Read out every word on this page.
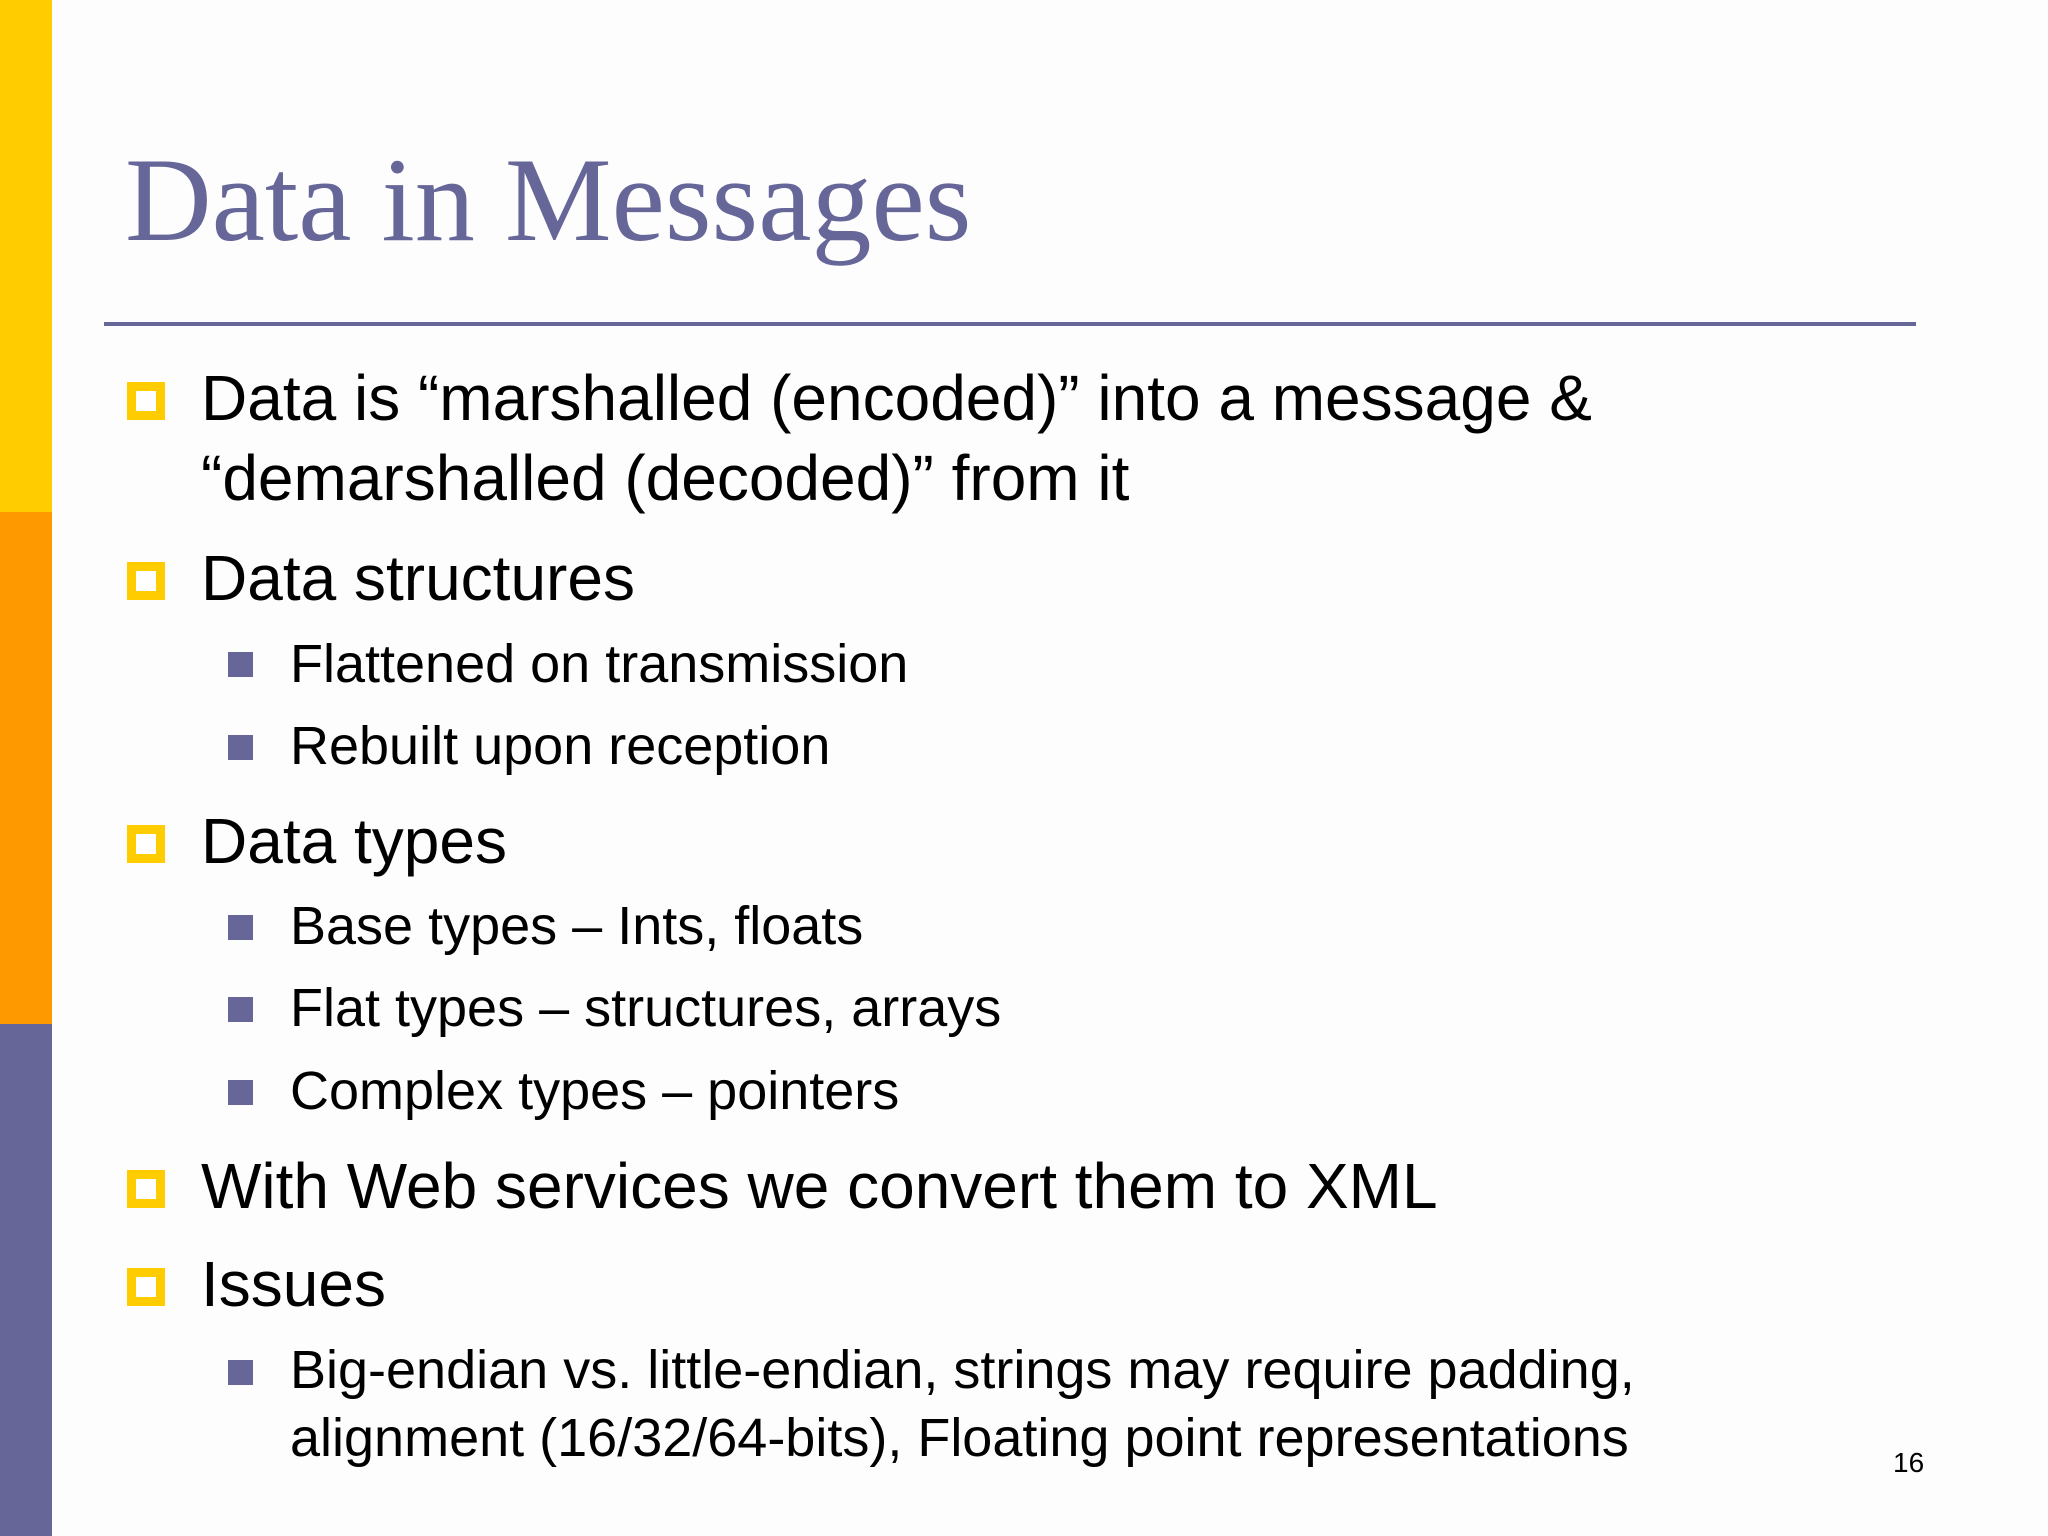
Data in Messages
Data is “marshalled (encoded)” into a message &
“demarshalled (decoded)” from it
Data structures
Flattened on transmission
Rebuilt upon reception
Data types
Base types – Ints, floats
Flat types – structures, arrays
Complex types – pointers
With Web services we convert them to XML
Issues
Big-endian vs. little-endian, strings may require padding,
alignment (16/32/64-bits), Floating point representations	16
